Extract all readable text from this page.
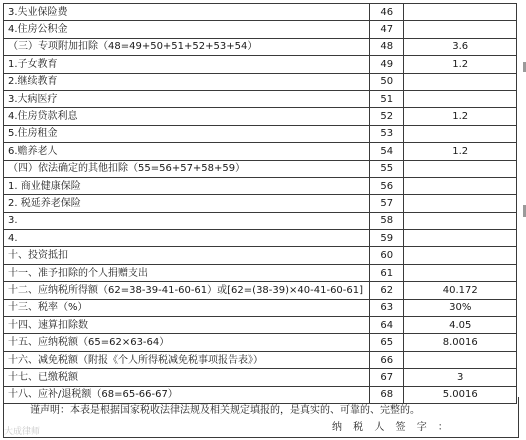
3.失业保险费	46	
4.住房公积金	47	
（三）专项附加扣除（48=49+50+51+52+53+54）	48	3.6
1.子女教育	49	1.2
2.继续教育	50	
3.大病医疗	51	
4.住房贷款利息	52	1.2
5.住房租金	53	
6.赡养老人	54	1.2
（四）依法确定的其他扣除（55=56+57+58+59）	55	
1. 商业健康保险	56	
2. 税延养老保险	57	
3.	58	
4.	59	
十、投资抵扣	60	
十一、准予扣除的个人捐赠支出	61	
十二、应纳税所得额（62=38-39-41-60-61）或[62=(38-39)×40-41-60-61]	62	40.172
十三、税率（%）	63	30%
十四、速算扣除数	64	4.05
十五、应纳税额（65=62×63-64）	65	8.0016
十六、减免税额（附报《个人所得税减免税事项报告表》）	66	
十七、已缴税额	67	3
十八、应补/退税额（68=65-66-67）	68	5.0016
谨声明：本表是根据国家税收法律法规及相关规定填报的，是真实的、可靠的、完整的。
纳 税 人 签 字 ：
大成律师
